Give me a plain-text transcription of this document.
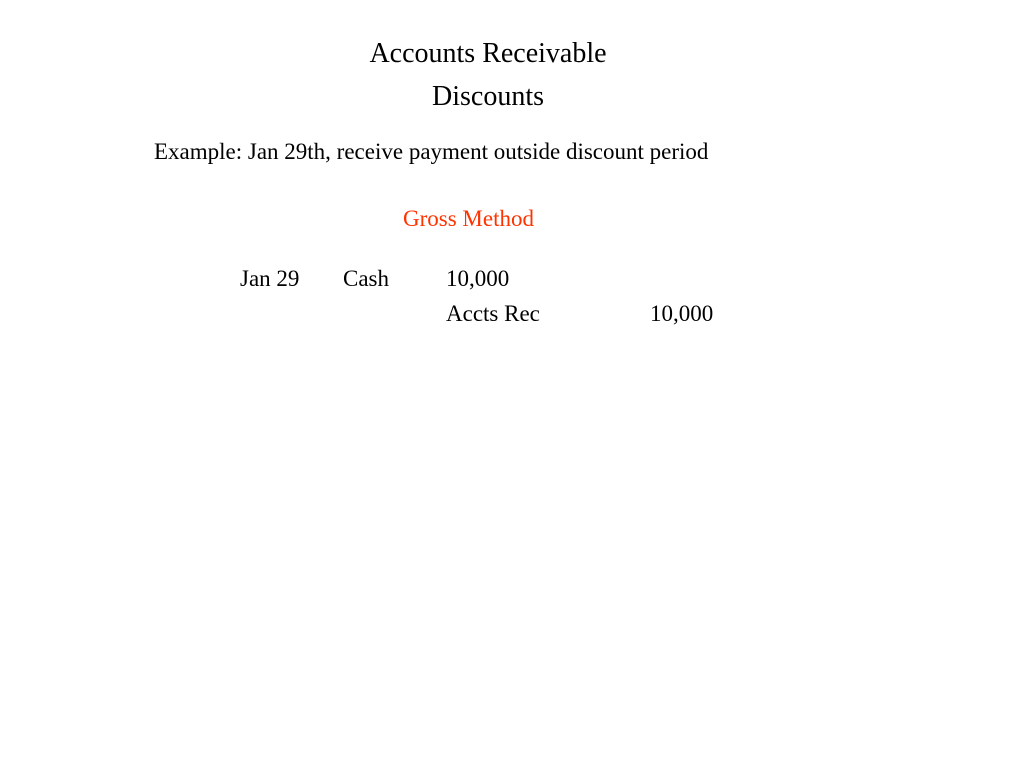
Accounts Receivable
Discounts
Example: Jan 29th, receive payment outside discount period
Gross Method
Jan 29 Cash 10,000
Accts Rec	10,000
